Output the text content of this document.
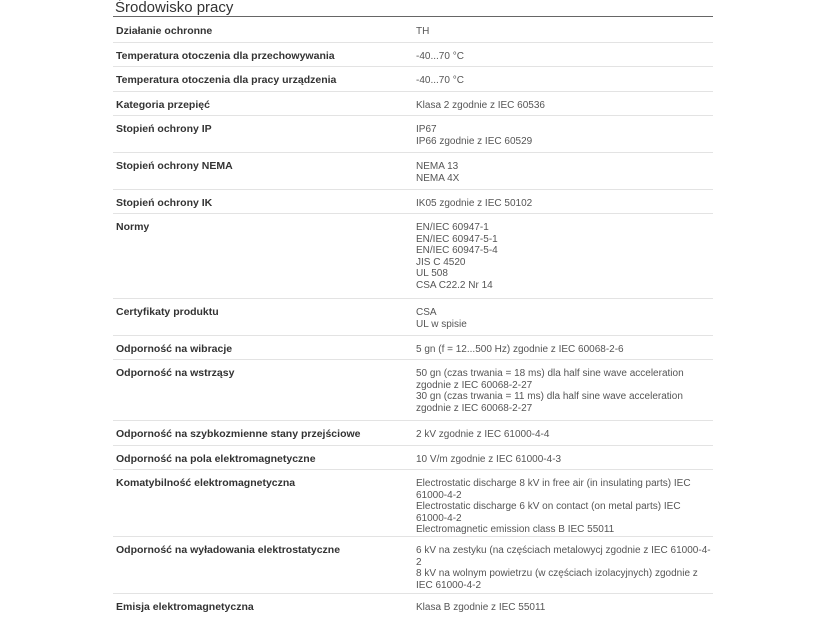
Środowisko pracy
Działanie ochronne	TH
Temperatura otoczenia dla przechowywania	-40...70 °C
Temperatura otoczenia dla pracy urządzenia	-40...70 °C
Kategoria przepięć	Klasa 2 zgodnie z IEC 60536
Stopień ochrony IP	IP67
IP66 zgodnie z IEC 60529
Stopień ochrony NEMA	NEMA 13
NEMA 4X
Stopień ochrony IK	IK05 zgodnie z IEC 50102
Normy	EN/IEC 60947-1
EN/IEC 60947-5-1
EN/IEC 60947-5-4
JIS C 4520
UL 508
CSA C22.2 Nr 14
Certyfikaty produktu	CSA
UL w spisie
Odporność na wibracje	5 gn (f = 12...500 Hz) zgodnie z IEC 60068-2-6
Odporność na wstrząsy	50 gn (czas trwania = 18 ms) dla half sine wave acceleration zgodnie z IEC 60068-2-27
30 gn (czas trwania = 11 ms) dla half sine wave acceleration zgodnie z IEC 60068-2-27
Odporność na szybkozmienne stany przejściowe	2 kV zgodnie z IEC 61000-4-4
Odporność na pola elektromagnetyczne	10 V/m zgodnie z IEC 61000-4-3
Komatybilność elektromagnetyczna	Electrostatic discharge 8 kV in free air (in insulating parts) IEC 61000-4-2
Electrostatic discharge 6 kV on contact (on metal parts) IEC 61000-4-2
Electromagnetic emission class B IEC 55011
Odporność na wyładowania elektrostatyczne	6 kV na zestyku (na częściach metalowycj zgodnie z IEC 61000-4-2
8 kV na wolnym powietrzu (w częściach izolacyjnych) zgodnie z IEC 61000-4-2
Emisja elektromagnetyczna	Klasa B zgodnie z IEC 55011
